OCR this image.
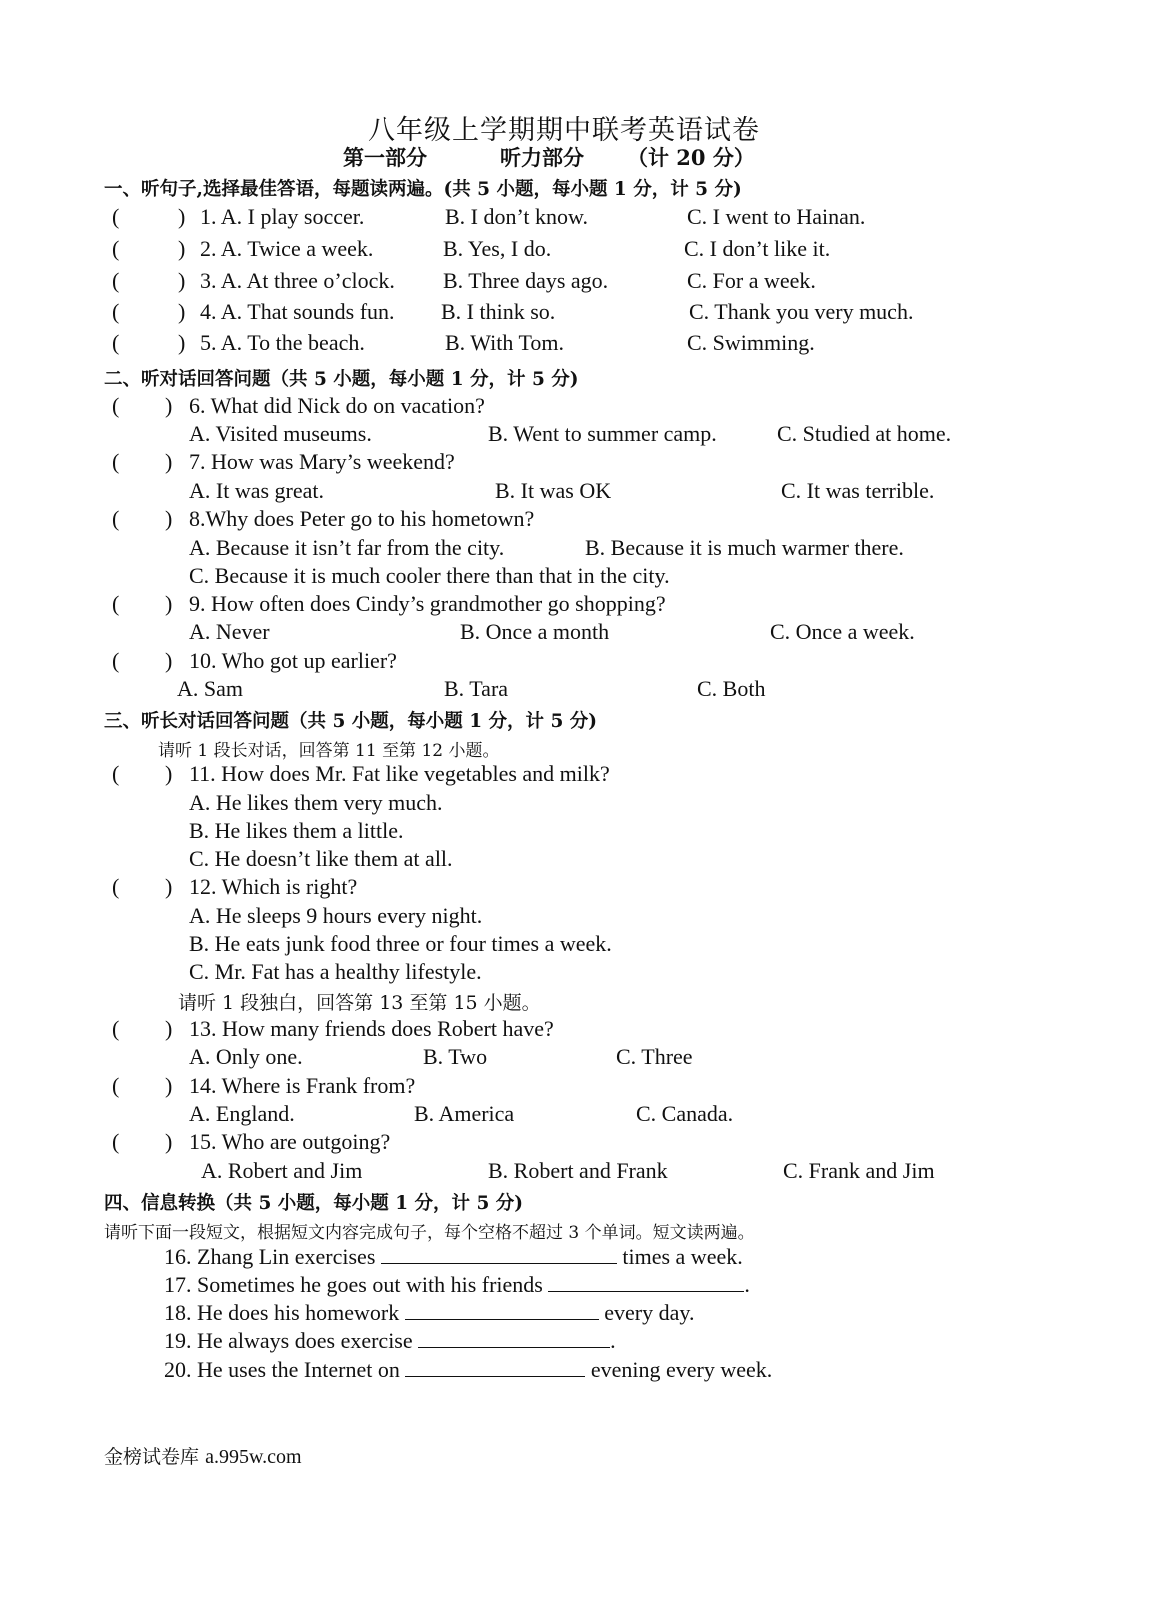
八年级上学期期中联考英语试卷
第一部分	听力部分 （计 20 分）
一、听句子,选择最佳答语，每题读两遍。(共 5 小题，每小题 1 分，计 5 分)
(	) 1. A. I play soccer.	B. I don’t know.	C. I went to Hainan.
(	) 2. A. Twice a week.	B. Yes, I do.	C. I don’t like it.
(	) 3. A. At three o’clock. B. Three days ago.	C. For a week.
(	) 4. A. That sounds fun. B. I think so.	C. Thank you very much.
(	) 5. A. To the beach.	B. With Tom.	C. Swimming.
二、听对话回答问题（共 5 小题，每小题 1 分，计 5 分)
( ) 6. What did Nick do on vacation?
A. Visited museums.	B. Went to summer camp.	C. Studied at home.
( ) 7. How was Mary’s weekend?
A. It was great.	B. It was OK	C. It was terrible.
( ) 8.Why does Peter go to his hometown?
A. Because it isn’t far from the city.	B. Because it is much warmer there.
C. Because it is much cooler there than that in the city.
( ) 9. How often does Cindy’s grandmother go shopping?
A. Never	B. Once a month	C. Once a week.
( ) 10. Who got up earlier?
A. Sam	B. Tara	C. Both
三、听长对话回答问题（共 5 小题，每小题 1 分，计 5 分)
请听 1 段长对话，回答第 11 至第 12 小题。
( ) 11. How does Mr. Fat like vegetables and milk?
A. He likes them very much.
B. He likes them a little.
C. He doesn’t like them at all.
( ) 12. Which is right?
A. He sleeps 9 hours every night.
B. He eats junk food three or four times a week.
C. Mr. Fat has a healthy lifestyle.
请听 1 段独白，回答第 13 至第 15 小题。
( ) 13. How many friends does Robert have?
A. Only one.	B. Two	C. Three
( ) 14. Where is Frank from?
A. England.	B. America	C. Canada.
( ) 15. Who are outgoing?
A. Robert and Jim	B. Robert and Frank	C. Frank and Jim
四、信息转换（共 5 小题，每小题 1 分，计 5 分)
请听下面一段短文，根据短文内容完成句子，每个空格不超过 3 个单词。短文读两遍。
16. Zhang Lin exercises	times a week.
17. Sometimes he goes out with his friends	.
18. He does his homework	every day.
19. He always does exercise	.
20. He uses the Internet on	evening every week.
金榜试卷库 a.995w.com
